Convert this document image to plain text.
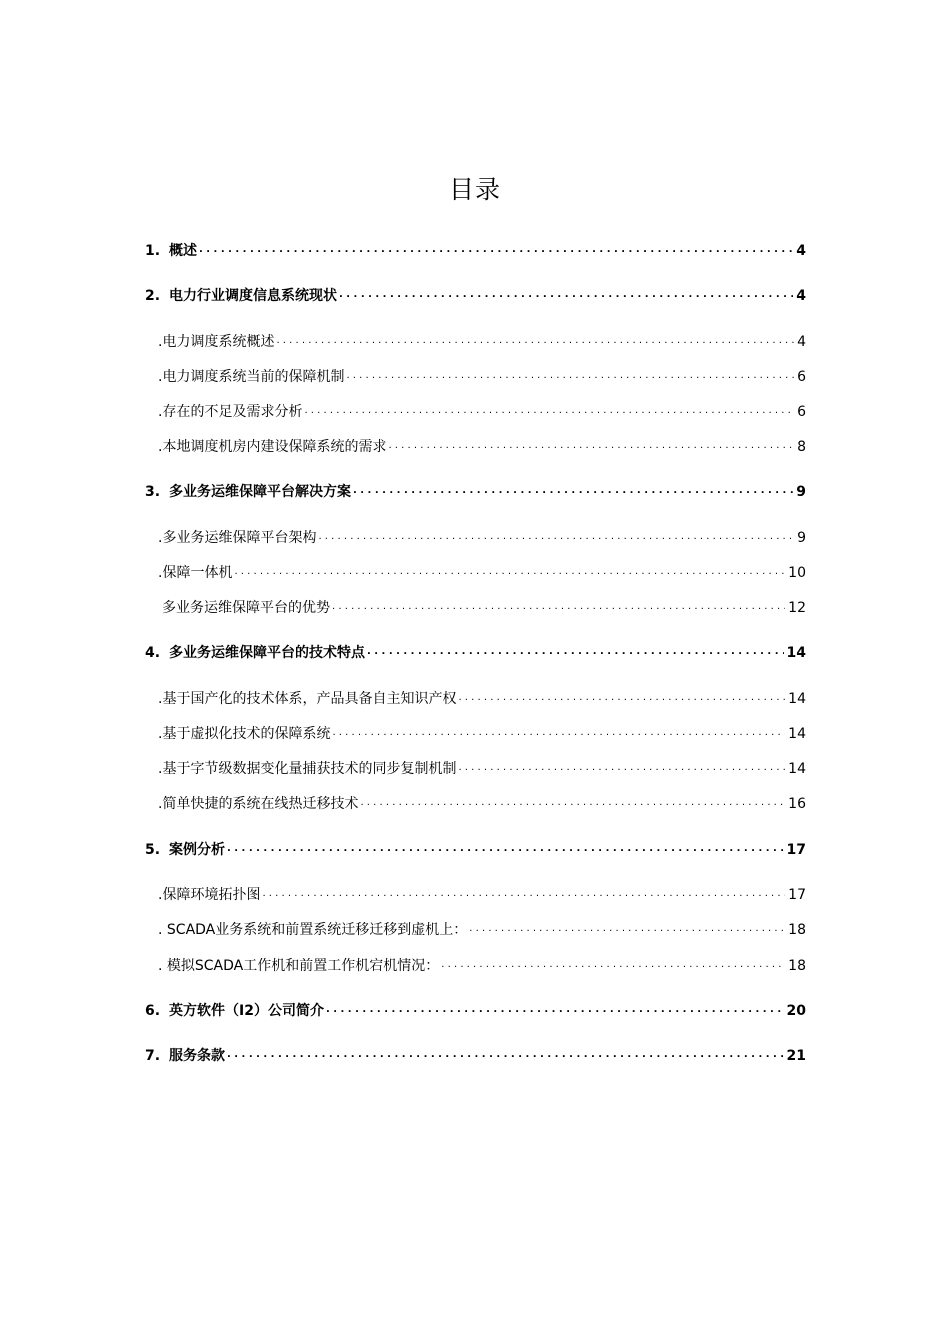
目录
1. 概述 . . .	4
2. 电力行业调度信息系统现状 . . .	4
.电力调度系统概述 . . .	4
.电力调度系统当前的保障机制 . . .	6
.存在的不足及需求分析 . . .	6
.本地调度机房内建设保障系统的需求 . . .	8
3. 多业务运维保障平台解决方案 . . .	9
.多业务运维保障平台架构 . . .	9
.保障一体机 . . .	10
多业务运维保障平台的优势 . . .	12
4. 多业务运维保障平台的技术特点 . . .	14
.基于国产化的技术体系，产品具备自主知识产权 . . .	14
.基于虚拟化技术的保障系统 . . .	14
.基于字节级数据变化量捕获技术的同步复制机制 . . .	14
.简单快捷的系统在线热迁移技术 . . .	16
5. 案例分析 . . .	17
.保障环境拓扑图 . . .	17
. SCADA业务系统和前置系统迁移迁移到虚机上： . . .	18
. 模拟SCADA工作机和前置工作机宕机情况： . . .	18
6. 英方软件（I2）公司简介 . . .	20
7. 服务条款 . . .	21
